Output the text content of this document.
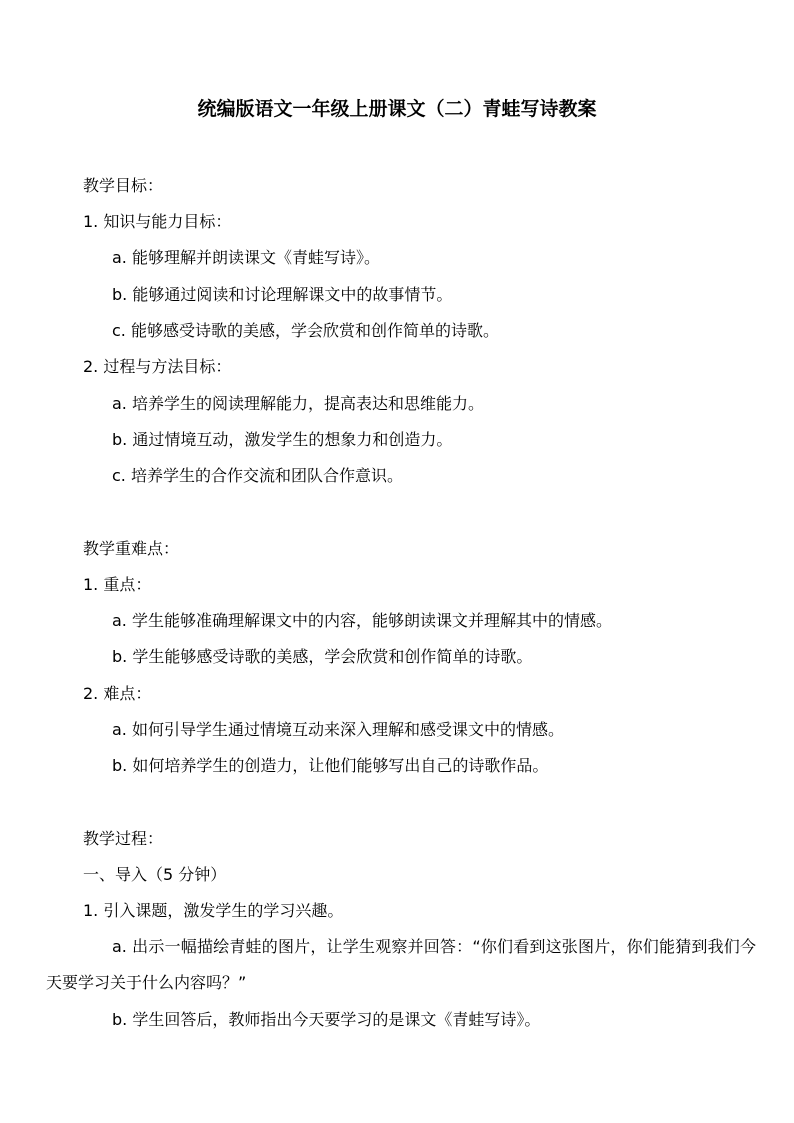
统编版语文一年级上册课文（二）青蛙写诗教案
教学目标：
1. 知识与能力目标：
a. 能够理解并朗读课文《青蛙写诗》。
b. 能够通过阅读和讨论理解课文中的故事情节。
c. 能够感受诗歌的美感，学会欣赏和创作简单的诗歌。
2. 过程与方法目标：
a. 培养学生的阅读理解能力，提高表达和思维能力。
b. 通过情境互动，激发学生的想象力和创造力。
c. 培养学生的合作交流和团队合作意识。
教学重难点：
1. 重点：
a. 学生能够准确理解课文中的内容，能够朗读课文并理解其中的情感。
b. 学生能够感受诗歌的美感，学会欣赏和创作简单的诗歌。
2. 难点：
a. 如何引导学生通过情境互动来深入理解和感受课文中的情感。
b. 如何培养学生的创造力，让他们能够写出自己的诗歌作品。
教学过程：
一、导入（5 分钟）
1. 引入课题，激发学生的学习兴趣。
a. 出示一幅描绘青蛙的图片，让学生观察并回答：“你们看到这张图片，你们能猜到我们今天要学习关于什么内容吗？”
b. 学生回答后，教师指出今天要学习的是课文《青蛙写诗》。
